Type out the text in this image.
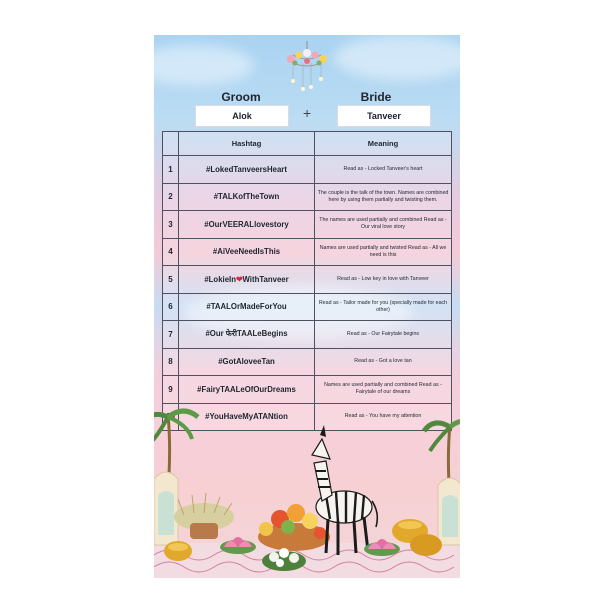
Groom	Bride
Alok	+	Tanveer
	Hashtag	Meaning
1	#LokedTanveersHeart	Read as - Locked Tanveer's heart
2	#TALKofTheTown	The couple is the talk of the town. Names are combined here by using them partially and twisting them.
3	#OurVEERALlovestory	The names are used partially and combined Read as - Our viral love story
4	#AiVeeNeedIsThis	Names are used partially and twisted Read as - All we need is this
5	#LokieIn❤WithTanveer	Read as - Low key in love with Tanveer
6	#TAALOrMadeForYou	Read as - Tailor made for you (specially made for each other)
7	#Our फेरीTAALeBegins	Read as - Our Fairytale begins
8	#GotAloveeTan	Read as - Got a love tan
9	#FairyTAALeOfOurDreams	Names are used partially and combined Read as - Fairytale of our dreams
10	#YouHaveMyATANtion	Read as - You have my attention
